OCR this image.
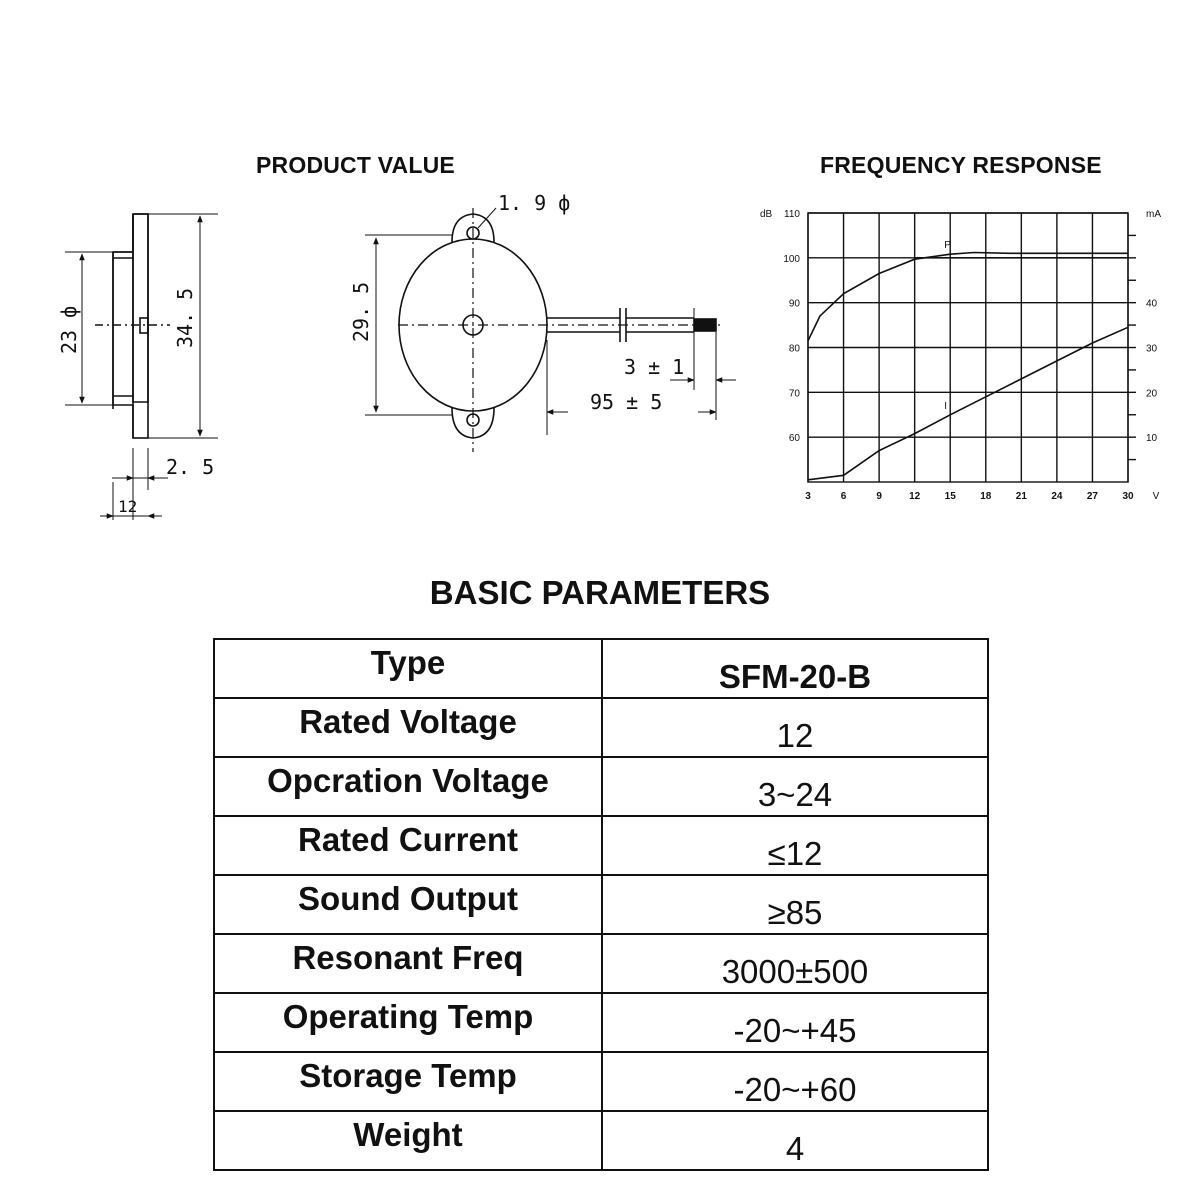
PRODUCT VALUE	FREQUENCY RESPONSE
23 ф	34. 5
2. 5
12
1. 9 ф
29. 5
3 ± 1
95 ± 5
3	6	9	12 15 18 21 24 27 30 V
110
100
90
80
70
60
dB
40
30
20
10
mA
P
I
BASIC PARAMETERS
Type	SFM-20-B
Rated Voltage	12
Opcration Voltage	3~24
Rated Current	≤12
Sound Output	≥85
Resonant Freq	3000±500
Operating Temp	-20~+45
Storage Temp	-20~+60
Weight	4
